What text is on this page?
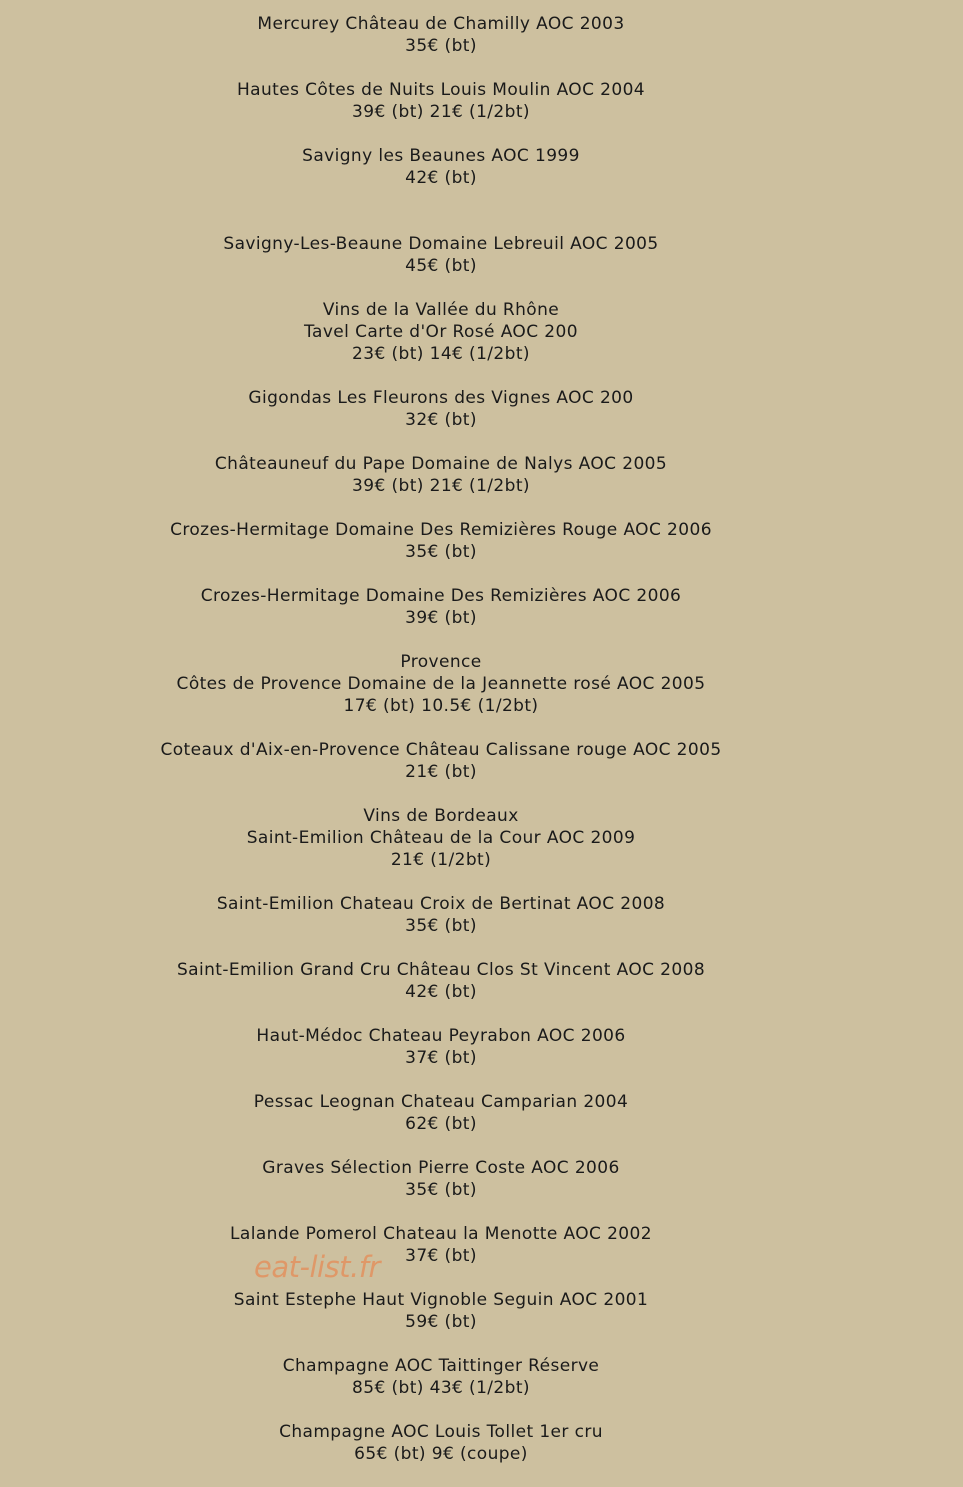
Mercurey Château de Chamilly AOC 2003
35€ (bt)
Hautes Côtes de Nuits Louis Moulin AOC 2004
39€ (bt) 21€ (1/2bt)
Savigny les Beaunes AOC 1999
42€ (bt)
Savigny-Les-Beaune Domaine Lebreuil AOC 2005
45€ (bt)
Vins de la Vallée du Rhône
Tavel Carte d'Or Rosé AOC 200
23€ (bt) 14€ (1/2bt)
Gigondas Les Fleurons des Vignes AOC 200
32€ (bt)
Châteauneuf du Pape Domaine de Nalys AOC 2005
39€ (bt) 21€ (1/2bt)
Crozes-Hermitage Domaine Des Remizières Rouge AOC 2006
35€ (bt)
Crozes-Hermitage Domaine Des Remizières AOC 2006
39€ (bt)
Provence
Côtes de Provence Domaine de la Jeannette rosé AOC 2005
17€ (bt) 10.5€ (1/2bt)
Coteaux d'Aix-en-Provence Château Calissane rouge AOC 2005
21€ (bt)
Vins de Bordeaux
Saint-Emilion Château de la Cour AOC 2009
21€ (1/2bt)
Saint-Emilion Chateau Croix de Bertinat AOC 2008
35€ (bt)
Saint-Emilion Grand Cru Château Clos St Vincent AOC 2008
42€ (bt)
Haut-Médoc Chateau Peyrabon AOC 2006
37€ (bt)
Pessac Leognan Chateau Camparian 2004
62€ (bt)
Graves Sélection Pierre Coste AOC 2006
35€ (bt)
Lalande Pomerol Chateau la Menotte AOC 2002
37€ (bt)
Saint Estephe Haut Vignoble Seguin AOC 2001
59€ (bt)
Champagne AOC Taittinger Réserve
85€ (bt) 43€ (1/2bt)
Champagne AOC Louis Tollet 1er cru
65€ (bt) 9€ (coupe)
eat-list.fr
